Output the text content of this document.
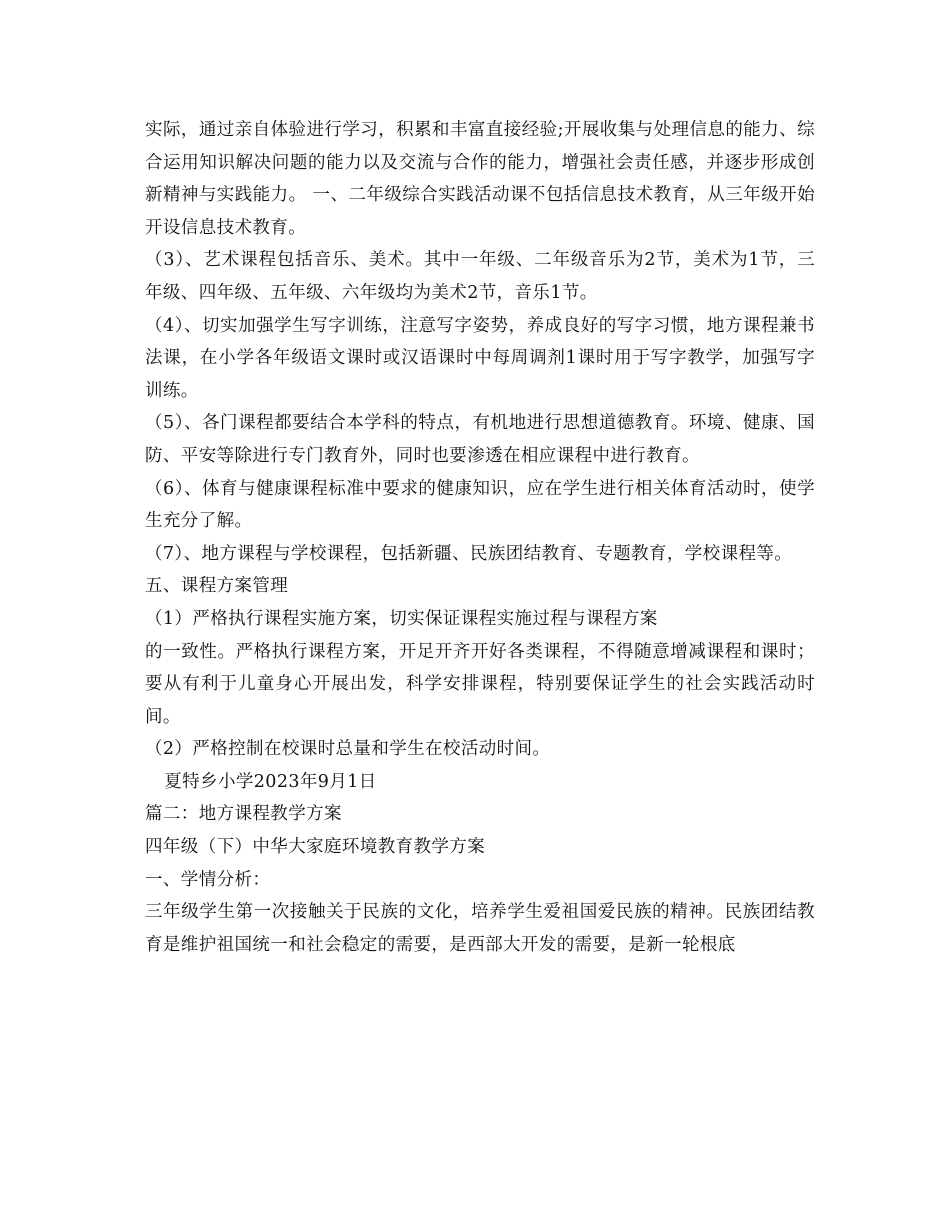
实际，通过亲自体验进行学习，积累和丰富直接经验;开展收集与处理信息的能力、综合运用知识解决问题的能力以及交流与合作的能力，增强社会责任感，并逐步形成创新精神与实践能力。 一、二年级综合实践活动课不包括信息技术教育，从三年级开始开设信息技术教育。

（3）、艺术课程包括音乐、美术。其中一年级、二年级音乐为2节，美术为1节，三年级、四年级、五年级、六年级均为美术2节，音乐1节。

（4）、切实加强学生写字训练，注意写字姿势，养成良好的写字习惯，地方课程兼书法课，在小学各年级语文课时或汉语课时中每周调剂1课时用于写字教学，加强写字训练。

（5）、各门课程都要结合本学科的特点，有机地进行思想道德教育。环境、健康、国防、平安等除进行专门教育外，同时也要渗透在相应课程中进行教育。

（6）、体育与健康课程标准中要求的健康知识，应在学生进行相关体育活动时，使学生充分了解。

（7）、地方课程与学校课程，包括新疆、民族团结教育、专题教育，学校课程等。

五、课程方案管理

（1）严格执行课程实施方案，切实保证课程实施过程与课程方案

的一致性。严格执行课程方案，开足开齐开好各类课程，不得随意增减课程和课时；要从有利于儿童身心开展出发，科学安排课程，特别要保证学生的社会实践活动时间。

（2）严格控制在校课时总量和学生在校活动时间。

夏特乡小学2023年9月1日

篇二：地方课程教学方案

四年级（下）中华大家庭环境教育教学方案

一、学情分析：

三年级学生第一次接触关于民族的文化，培养学生爱祖国爱民族的精神。民族团结教育是维护祖国统一和社会稳定的需要，是西部大开发的需要，是新一轮根底
